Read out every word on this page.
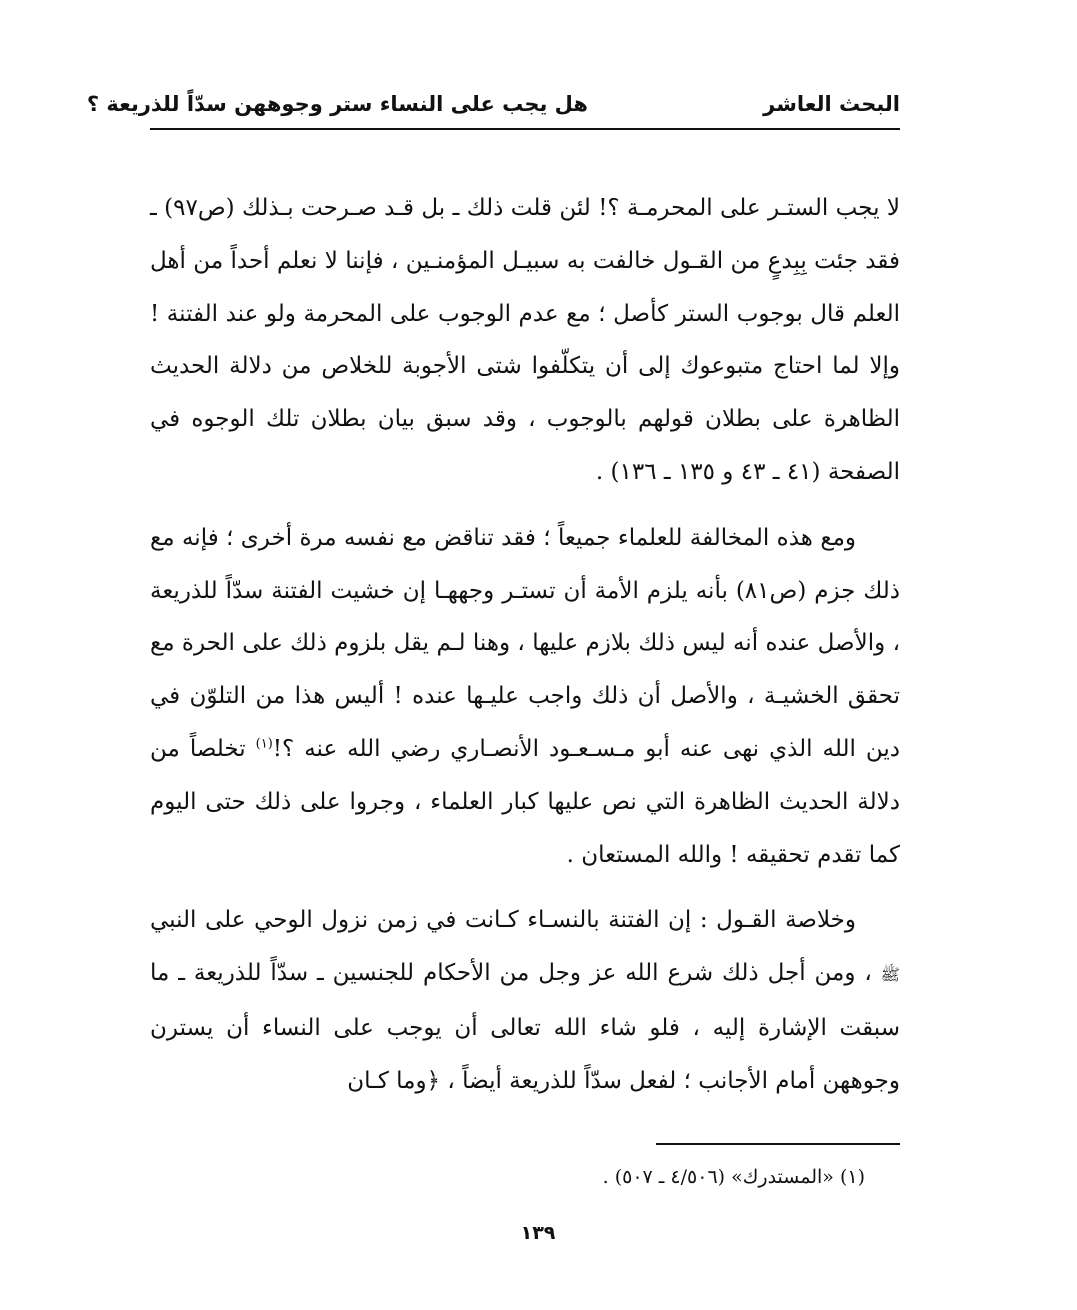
البحث العاشر
هل يجب على النساء ستر وجوههن سدّاً للذريعة ؟

لا يجب الستـر على المحرمـة ؟! لئن قلت ذلك ـ بل قـد صـرحت بـذلك (ص٩٧) ـ فقد جئت بِبِدعٍ من القـول خالفت به سبيـل المؤمنـين ، فإننا لا نعلم أحداً من أهل العلم قال بوجوب الستر كأصل ؛ مع عدم الوجوب على المحرمة ولو عند الفتنة ! وإلا لما احتاج متبوعوك إلى أن يتكلّفوا شتى الأجوبة للخلاص من دلالة الحديث الظاهرة على بطلان قولهم بالوجوب ، وقد سبق بيان بطلان تلك الوجوه في الصفحة (٤١ ـ ٤٣ و ١٣٥ ـ ١٣٦) .

ومع هذه المخالفة للعلماء جميعاً ؛ فقد تناقض مع نفسه مرة أخرى ؛ فإنه مع ذلك جزم (ص٨١) بأنه يلزم الأمة أن تستـر وجههـا إن خشيت الفتنة سدّاً للذريعة ، والأصل عنده أنه ليس ذلك بلازم عليها ، وهنا لـم يقل بلزوم ذلك على الحرة مع تحقق الخشيـة ، والأصل أن ذلك واجب عليـها عنده ! أليس هذا من التلوّن في دين الله الذي نهى عنه أبو مـسـعـود الأنصـاري رضي الله عنه ؟!$^{(١)}$ تخلصاً من دلالة الحديث الظاهرة التي نص عليها كبار العلماء ، وجروا على ذلك حتى اليوم كما تقدم تحقيقه ! والله المستعان .

وخلاصة القـول : إن الفتنة بالنسـاء كـانت في زمن نزول الوحي على النبي ﷺ ، ومن أجل ذلك شرع الله عز وجل من الأحكام للجنسين ـ سدّاً للذريعة ـ ما سبقت الإشارة إليه ، فلو شاء الله تعالى أن يوجب على النساء أن يسترن وجوههن أمام الأجانب ؛ لفعل سدّاً للذريعة أيضاً ، ﴿وما كـان

(١) «المستدرك» (٤/٥٠٦ ـ ٥٠٧) .
١٣٩
